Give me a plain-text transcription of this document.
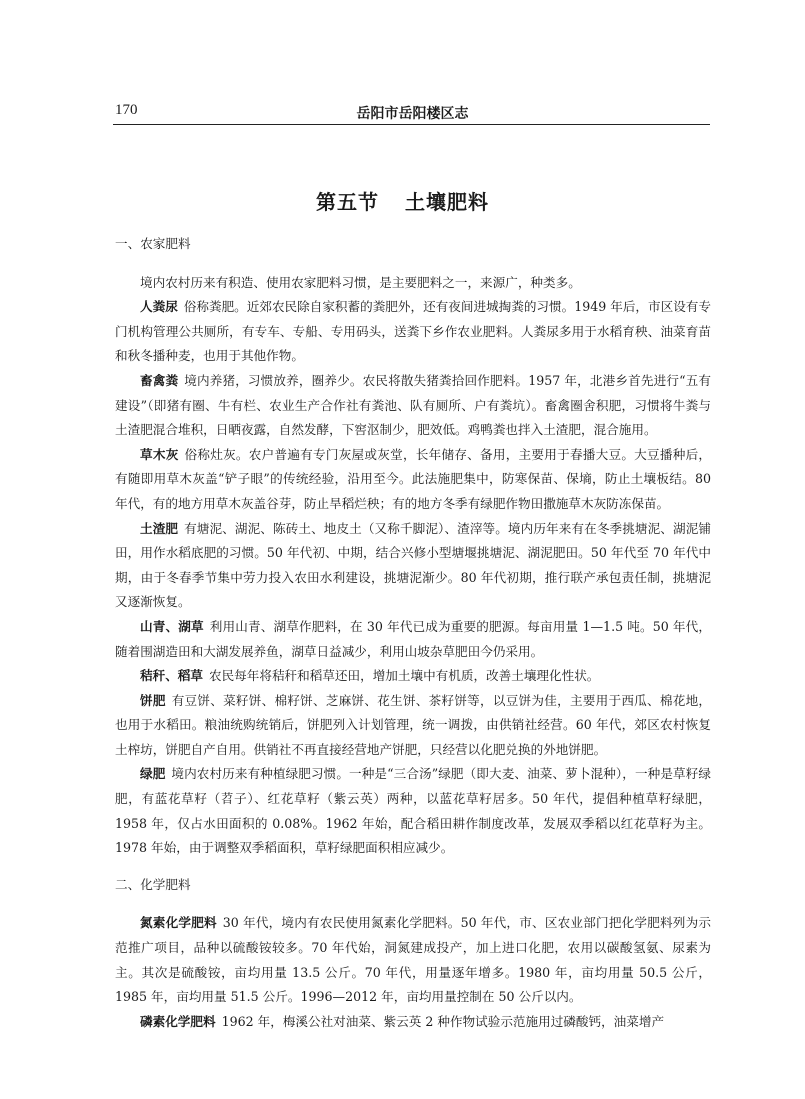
170	岳阳市岳阳楼区志
第五节 土壤肥料

一、农家肥料

境内农村历来有积造、使用农家肥料习惯，是主要肥料之一，来源广，种类多。

人粪尿 俗称粪肥。近郊农民除自家积蓄的粪肥外，还有夜间进城掏粪的习惯。1949 年后，市区设有专门机构管理公共厕所，有专车、专船、专用码头，送粪下乡作农业肥料。人粪尿多用于水稻育秧、油菜育苗和秋冬播种麦，也用于其他作物。

畜禽粪 境内养猪，习惯放养，圈养少。农民将散失猪粪拾回作肥料。1957 年，北港乡首先进行“五有建设”（即猪有圈、牛有栏、农业生产合作社有粪池、队有厕所、户有粪坑）。畜禽圈舍积肥，习惯将牛粪与土渣肥混合堆积，日晒夜露，自然发酵，下窖沤制少，肥效低。鸡鸭粪也拌入土渣肥，混合施用。

草木灰 俗称灶灰。农户普遍有专门灰屋或灰堂，长年储存、备用，主要用于春播大豆。大豆播种后，有随即用草木灰盖“铲子眼”的传统经验，沿用至今。此法施肥集中，防寒保苗、保墒，防止土壤板结。80 年代，有的地方用草木灰盖谷芽，防止旱稻烂秧；有的地方冬季有绿肥作物田撒施草木灰防冻保苗。

土渣肥 有塘泥、湖泥、陈砖土、地皮土（又称千脚泥）、渣滓等。境内历年来有在冬季挑塘泥、湖泥铺田，用作水稻底肥的习惯。50 年代初、中期，结合兴修小型塘堰挑塘泥、湖泥肥田。50 年代至 70 年代中期，由于冬春季节集中劳力投入农田水利建设，挑塘泥渐少。80 年代初期，推行联产承包责任制，挑塘泥又逐渐恢复。

山青、湖草 利用山青、湖草作肥料，在 30 年代已成为重要的肥源。每亩用量 1—1.5 吨。50 年代，随着围湖造田和大湖发展养鱼，湖草日益减少，利用山坡杂草肥田今仍采用。

秸秆、稻草 农民每年将秸秆和稻草还田，增加土壤中有机质，改善土壤理化性状。

饼肥 有豆饼、菜籽饼、棉籽饼、芝麻饼、花生饼、茶籽饼等，以豆饼为佳，主要用于西瓜、棉花地，也用于水稻田。粮油统购统销后，饼肥列入计划管理，统一调拨，由供销社经营。60 年代，郊区农村恢复土榨坊，饼肥自产自用。供销社不再直接经营地产饼肥，只经营以化肥兑换的外地饼肥。

绿肥 境内农村历来有种植绿肥习惯。一种是“三合汤”绿肥（即大麦、油菜、萝卜混种），一种是草籽绿肥，有蓝花草籽（苕子）、红花草籽（紫云英）两种，以蓝花草籽居多。50 年代，提倡种植草籽绿肥，1958 年，仅占水田面积的 0.08%。1962 年始，配合稻田耕作制度改革，发展双季稻以红花草籽为主。1978 年始，由于调整双季稻面积，草籽绿肥面积相应减少。

二、化学肥料

氮素化学肥料 30 年代，境内有农民使用氮素化学肥料。50 年代，市、区农业部门把化学肥料列为示范推广项目，品种以硫酸铵较多。70 年代始，洞氮建成投产，加上进口化肥，农用以碳酸氢氨、尿素为主。其次是硫酸铵，亩均用量 13.5 公斤。70 年代，用量逐年增多。1980 年，亩均用量 50.5 公斤，1985 年，亩均用量 51.5 公斤。1996—2012 年，亩均用量控制在 50 公斤以内。

磷素化学肥料 1962 年，梅溪公社对油菜、紫云英 2 种作物试验示范施用过磷酸钙，油菜增产
